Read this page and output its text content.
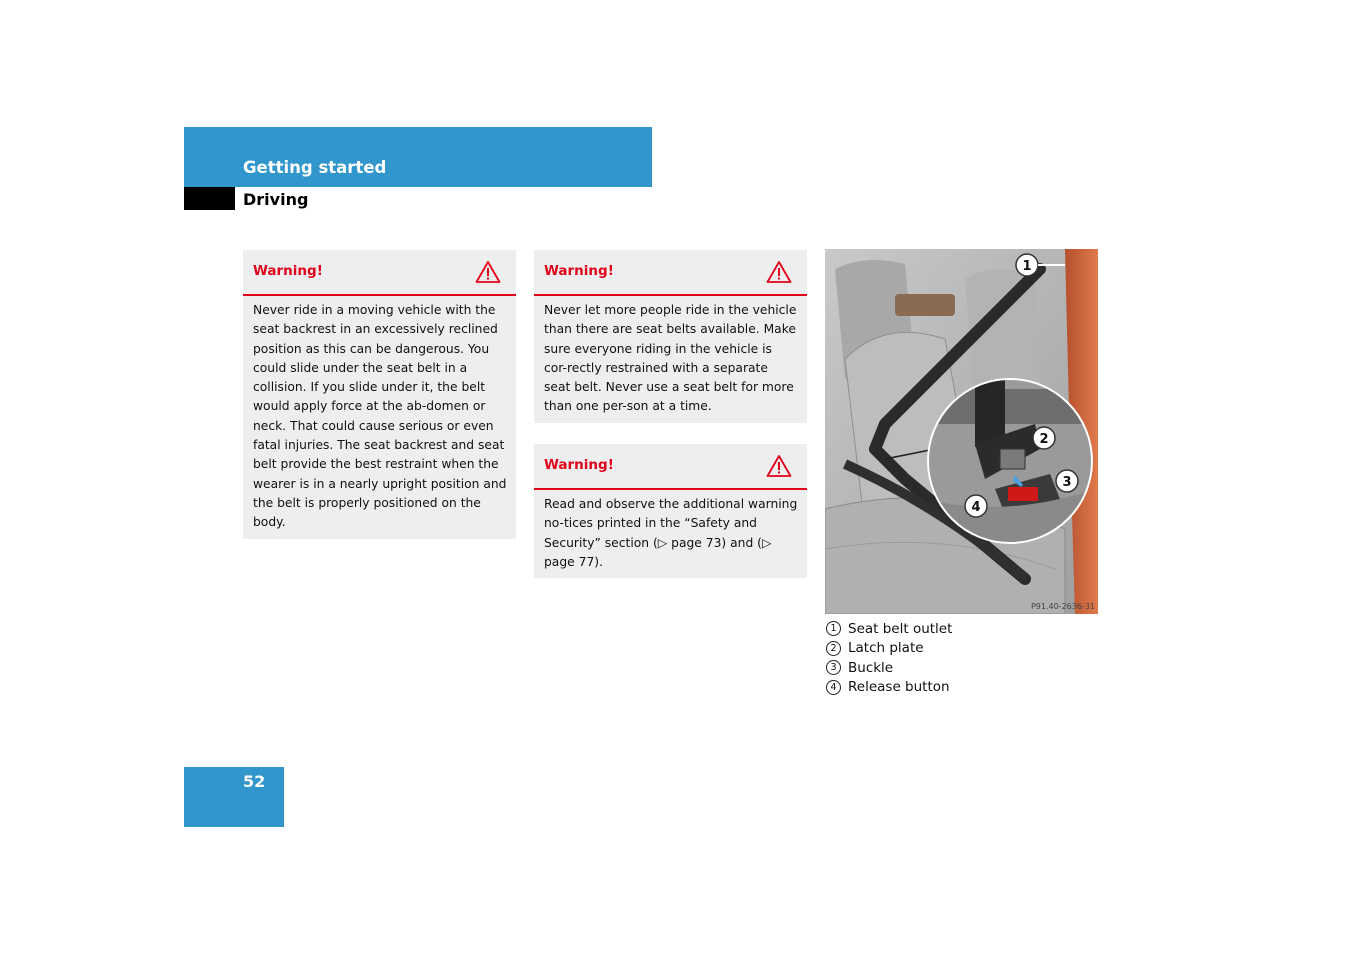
Getting started
Driving
Warning!
Never ride in a moving vehicle with the seat backrest in an excessively reclined position as this can be dangerous. You could slide under the seat belt in a collision. If you slide under it, the belt would apply force at the ab-domen or neck. That could cause serious or even fatal injuries. The seat backrest and seat belt provide the best restraint when the wearer is in a nearly upright position and the belt is properly positioned on the body.
Warning!
Never let more people ride in the vehicle than there are seat belts available. Make sure everyone riding in the vehicle is cor-rectly restrained with a separate seat belt. Never use a seat belt for more than one per-son at a time.
Warning!
Read and observe the additional warning no-tices printed in the “Safety and Security” section (▷ page 73) and (▷ page 77).
1
2
3
4
P91.40-2636-31
1 Seat belt outlet
2 Latch plate
3 Buckle
4 Release button
52
